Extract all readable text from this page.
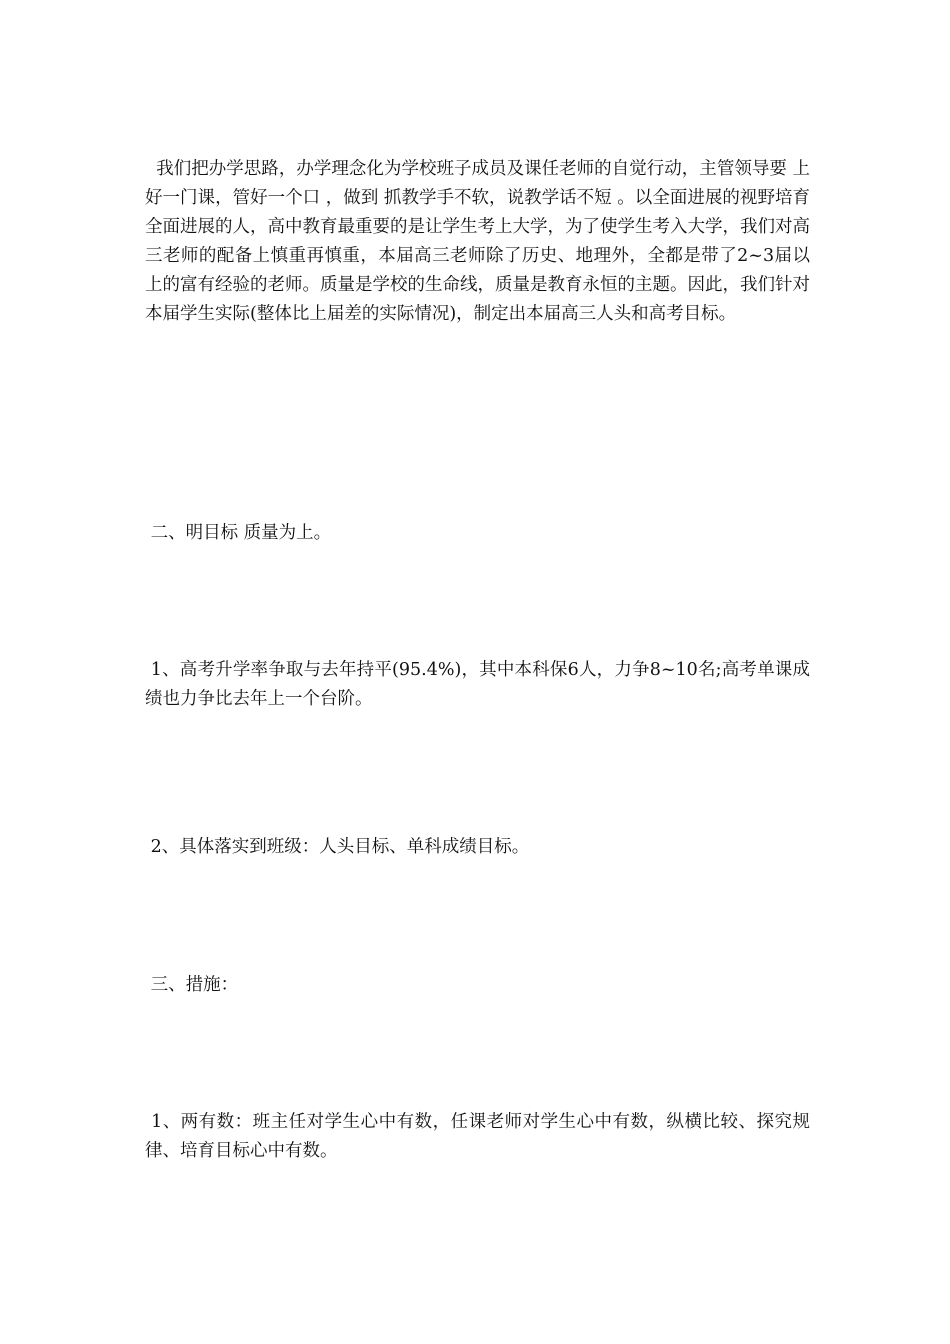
我们把办学思路，办学理念化为学校班子成员及课任老师的自觉行动，主管领导要 上好一门课，管好一个口 ，做到 抓教学手不软，说教学话不短 。以全面进展的视野培育全面进展的人，高中教育最重要的是让学生考上大学，为了使学生考入大学，我们对高三老师的配备上慎重再慎重，本届高三老师除了历史、地理外，全都是带了2~3届以上的富有经验的老师。质量是学校的生命线，质量是教育永恒的主题。因此，我们针对本届学生实际(整体比上届差的实际情况)，制定出本届高三人头和高考目标。

二、明目标 质量为上。

1、高考升学率争取与去年持平(95.4%)，其中本科保6人，力争8~10名;高考单课成绩也力争比去年上一个台阶。

2、具体落实到班级：人头目标、单科成绩目标。

三、措施：

1、两有数：班主任对学生心中有数，任课老师对学生心中有数，纵横比较、探究规律、培育目标心中有数。
